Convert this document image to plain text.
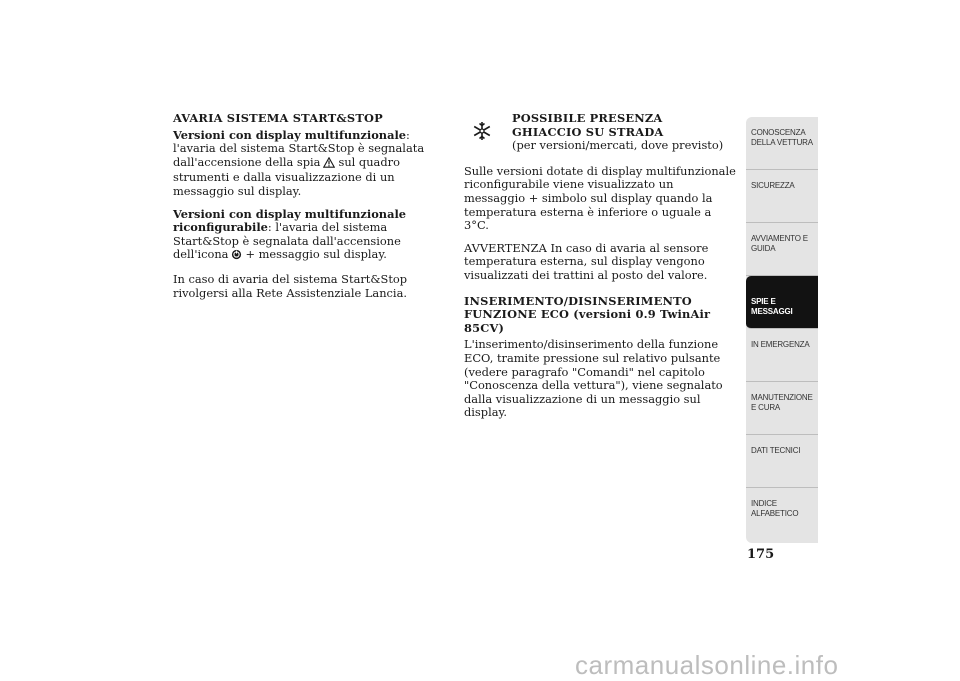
AVARIA SISTEMA START&STOP

Versioni con display multifunzionale: l'avaria del sistema Start&Stop è segnalata dall'accensione della spia sul quadro strumenti e dalla visualizzazione di un messaggio sul display.

Versioni con display multifunzionale riconfigurabile: l'avaria del sistema Start&Stop è segnalata dall'accensione dell'icona + messaggio sul display.

In caso di avaria del sistema Start&Stop rivolgersi alla Rete Assistenziale Lancia.

POSSIBILE PRESENZA GHIACCIO SU STRADA

(per versioni/mercati, dove previsto)

Sulle versioni dotate di display multifunzionale riconfigurabile viene visualizzato un messaggio + simbolo sul display quando la temperatura esterna è inferiore o uguale a 3°C.

AVVERTENZA In caso di avaria al sensore temperatura esterna, sul display vengono visualizzati dei trattini al posto del valore.

INSERIMENTO/DISINSERIMENTO FUNZIONE ECO (versioni 0.9 TwinAir 85CV)

L'inserimento/disinserimento della funzione ECO, tramite pressione sul relativo pulsante (vedere paragrafo "Comandi" nel capitolo "Conoscenza della vettura"), viene segnalato dalla visualizzazione di un messaggio sul display.

CONOSCENZA DELLA VETTURA
SICUREZZA
AVVIAMENTO E GUIDA
SPIE E MESSAGGI
IN EMERGENZA
MANUTENZIONE E CURA
DATI TECNICI
INDICE ALFABETICO
175
carmanualsonline.info
